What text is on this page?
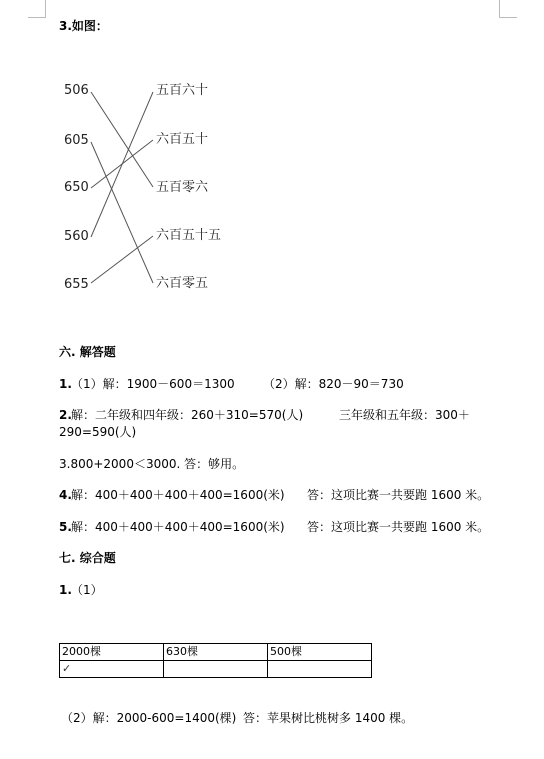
3.如图：
506
605
650
560
655
五百六十
六百五十
五百零六
六百五十五
六百零五
六. 解答题
1. （1）解：1900－600＝1300 （2）解：820－90＝730
2. 解：二年级和四年级：260＋310=570(人)	三年级和五年级：300＋
290=590(人)
3.800+2000＜3000. 答：够用。
4. 解：400＋400＋400＋400=1600(米) 答：这项比赛一共要跑 1600 米。
5. 解：400＋400＋400＋400=1600(米) 答：这项比赛一共要跑 1600 米。
七. 综合题
1. （1）
2000棵	630棵	500棵
✓		
（2）解：2000-600=1400(棵) 答：苹果树比桃树多 1400 棵。
